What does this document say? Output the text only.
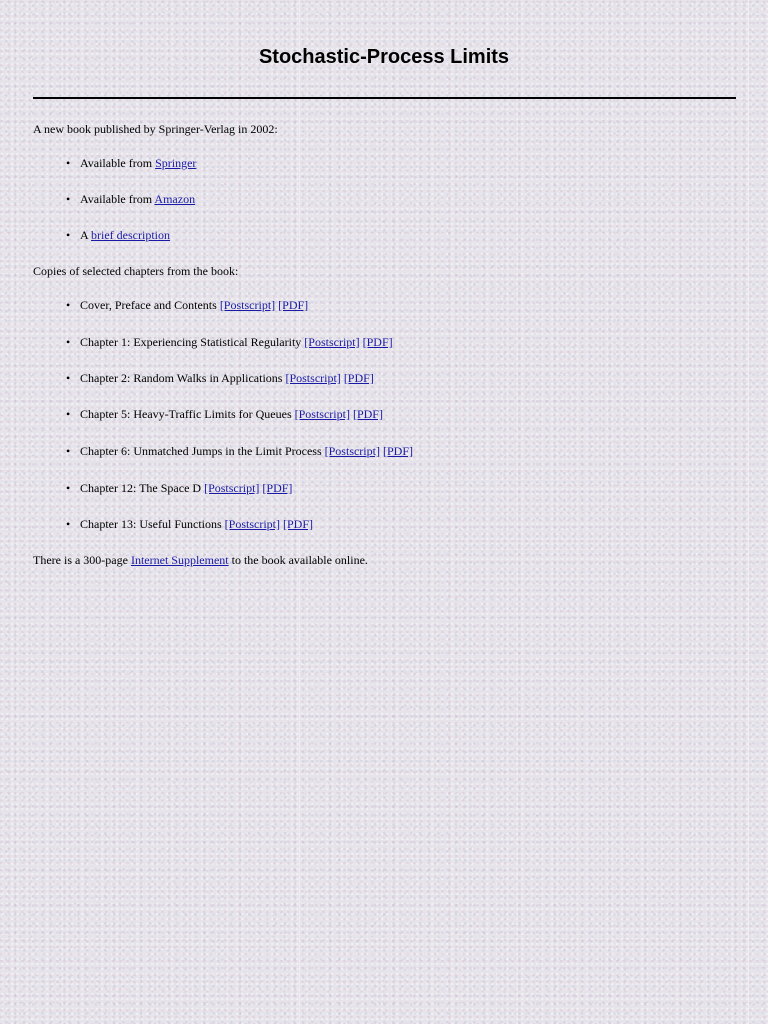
Stochastic-Process Limits
A new book published by Springer-Verlag in 2002:
• Available from Springer
• Available from Amazon
• A brief description
Copies of selected chapters from the book:
• Cover, Preface and Contents [Postscript] [PDF]
• Chapter 1: Experiencing Statistical Regularity [Postscript] [PDF]
• Chapter 2: Random Walks in Applications [Postscript] [PDF]
• Chapter 5: Heavy-Traffic Limits for Queues [Postscript] [PDF]
• Chapter 6: Unmatched Jumps in the Limit Process [Postscript] [PDF]
• Chapter 12: The Space D [Postscript] [PDF]
• Chapter 13: Useful Functions [Postscript] [PDF]
There is a 300-page Internet Supplement to the book available online.
